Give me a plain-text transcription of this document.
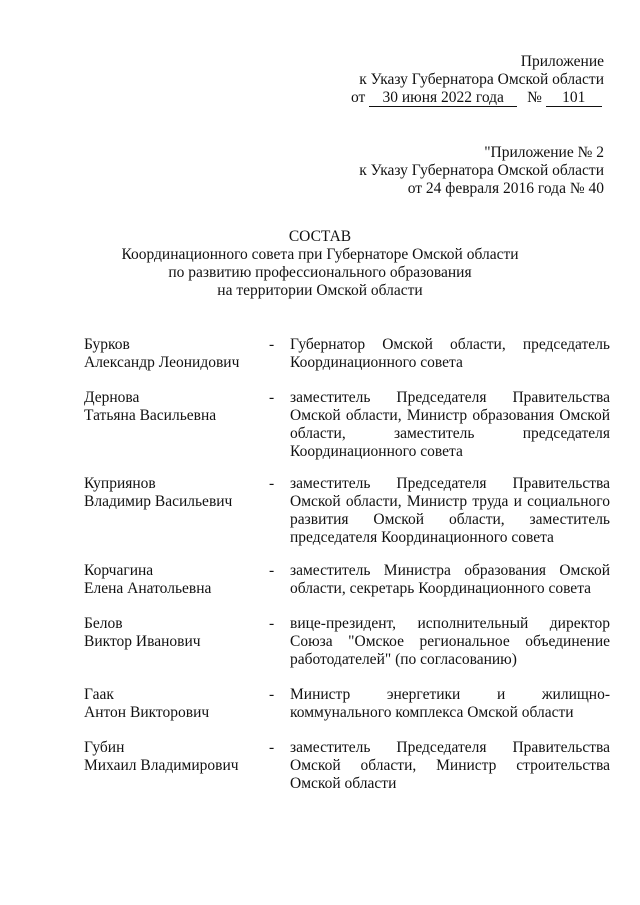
Приложение
к Указу Губернатора Омской области
от 30 июня 2022 года № 101
"Приложение № 2
к Указу Губернатора Омской области
от 24 февраля 2016 года № 40
СОСТАВ
Координационного совета при Губернаторе Омской области
по развитию профессионального образования
на территории Омской области
Бурков
Александр Леонидович
- Губернатор Омской области, председатель
Координационного совета
Дернова
Татьяна Васильевна
- заместитель Председателя Правительства
Омской области, Министр образования Омской
области, заместитель председателя
Координационного совета
Куприянов
Владимир Васильевич
- заместитель Председателя Правительства
Омской области, Министр труда и социального
развития Омской области, заместитель
председателя Координационного совета
Корчагина
Елена Анатольевна
- заместитель Министра образования Омской
области, секретарь Координационного совета
Белов
Виктор Иванович
- вице-президент, исполнительный директор
Союза "Омское региональное объединение
работодателей" (по согласованию)
Гаак
Антон Викторович
- Министр энергетики и жилищно-
коммунального комплекса Омской области
Губин
Михаил Владимирович
- заместитель Председателя Правительства
Омской области, Министр строительства
Омской области
